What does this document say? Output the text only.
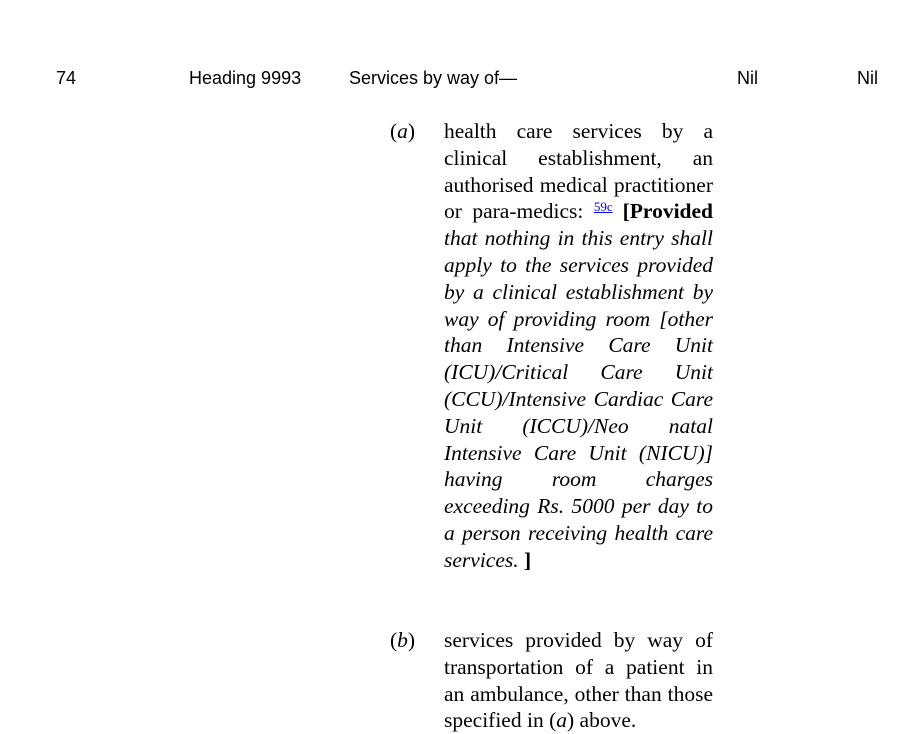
74	Heading 9993	Services by way of—	Nil	Nil
(a) health care services by a clinical establishment, an authorised medical practitioner or para-medics: $^{59c}$ [Provided that nothing in this entry shall apply to the services provided by a clinical establishment by way of providing room [other than Intensive Care Unit (ICU)/Critical Care Unit (CCU)/Intensive Cardiac Care Unit (ICCU)/Neo natal Intensive Care Unit (NICU)] having room charges exceeding Rs. 5000 per day to a person receiving health care services. ]
(b) services provided by way of transportation of a patient in an ambulance, other than those specified in (a) above.
